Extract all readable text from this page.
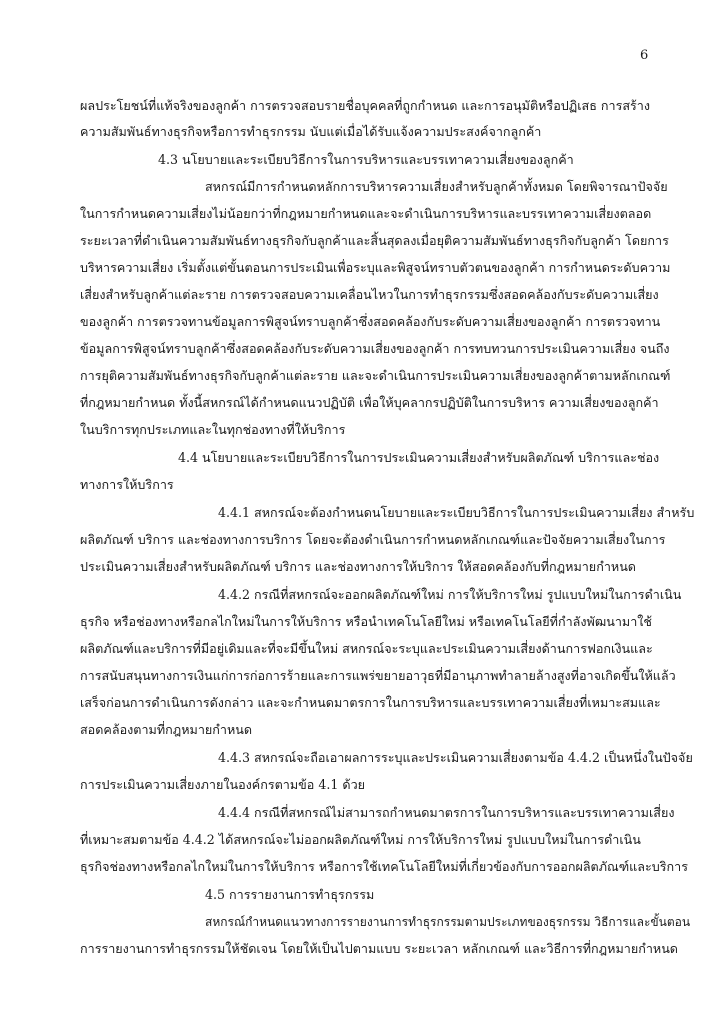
6
ผลประโยชน์ที่แท้จริงของลูกค้า การตรวจสอบรายชื่อบุคคลที่ถูกกำหนด และการอนุมัติหรือปฏิเสธ การสร้าง
ความสัมพันธ์ทางธุรกิจหรือการทำธุรกรรม นับแต่เมื่อได้รับแจ้งความประสงค์จากลูกค้า
4.3 นโยบายและระเบียบวิธีการในการบริหารและบรรเทาความเสี่ยงของลูกค้า
สหกรณ์มีการกำหนดหลักการบริหารความเสี่ยงสำหรับลูกค้าทั้งหมด โดยพิจารณาปัจจัย
ในการกำหนดความเสี่ยงไม่น้อยกว่าที่กฎหมายกำหนดและจะดำเนินการบริหารและบรรเทาความเสี่ยงตลอด
ระยะเวลาที่ดำเนินความสัมพันธ์ทางธุรกิจกับลูกค้าและสิ้นสุดลงเมื่อยุติความสัมพันธ์ทางธุรกิจกับลูกค้า โดยการ
บริหารความเสี่ยง เริ่มตั้งแต่ขั้นตอนการประเมินเพื่อระบุและพิสูจน์ทราบตัวตนของลูกค้า การกำหนดระดับความ
เสี่ยงสำหรับลูกค้าแต่ละราย การตรวจสอบความเคลื่อนไหวในการทำธุรกรรมซึ่งสอดคล้องกับระดับความเสี่ยง
ของลูกค้า การตรวจทานข้อมูลการพิสูจน์ทราบลูกค้าซึ่งสอดคล้องกับระดับความเสี่ยงของลูกค้า การตรวจทาน
ข้อมูลการพิสูจน์ทราบลูกค้าซึ่งสอดคล้องกับระดับความเสี่ยงของลูกค้า การทบทวนการประเมินความเสี่ยง จนถึง
การยุติความสัมพันธ์ทางธุรกิจกับลูกค้าแต่ละราย และจะดำเนินการประเมินความเสี่ยงของลูกค้าตามหลักเกณฑ์
ที่กฎหมายกำหนด ทั้งนี้สหกรณ์ได้กำหนดแนวปฏิบัติ เพื่อให้บุคลากรปฏิบัติในการบริหาร ความเสี่ยงของลูกค้า
ในบริการทุกประเภทและในทุกช่องทางที่ให้บริการ
4.4 นโยบายและระเบียบวิธีการในการประเมินความเสี่ยงสำหรับผลิตภัณฑ์ บริการและช่อง
ทางการให้บริการ
4.4.1 สหกรณ์จะต้องกำหนดนโยบายและระเบียบวิธีการในการประเมินความเสี่ยง สำหรับ
ผลิตภัณฑ์ บริการ และช่องทางการบริการ โดยจะต้องดำเนินการกำหนดหลักเกณฑ์และปัจจัยความเสี่ยงในการ
ประเมินความเสี่ยงสำหรับผลิตภัณฑ์ บริการ และช่องทางการให้บริการ ให้สอดคล้องกับที่กฎหมายกำหนด
4.4.2 กรณีที่สหกรณ์จะออกผลิตภัณฑ์ใหม่ การให้บริการใหม่ รูปแบบใหม่ในการดำเนิน
ธุรกิจ หรือช่องทางหรือกลไกใหม่ในการให้บริการ หรือนำเทคโนโลยีใหม่ หรือเทคโนโลยีที่กำลังพัฒนามาใช้
ผลิตภัณฑ์และบริการที่มีอยู่เดิมและที่จะมีขึ้นใหม่ สหกรณ์จะระบุและประเมินความเสี่ยงด้านการฟอกเงินและ
การสนับสนุนทางการเงินแก่การก่อการร้ายและการแพร่ขยายอาวุธที่มีอานุภาพทำลายล้างสูงที่อาจเกิดขึ้นให้แล้ว
เสร็จก่อนการดำเนินการดังกล่าว และจะกำหนดมาตรการในการบริหารและบรรเทาความเสี่ยงที่เหมาะสมและ
สอดคล้องตามที่กฎหมายกำหนด
4.4.3 สหกรณ์จะถือเอาผลการระบุและประเมินความเสี่ยงตามข้อ 4.4.2 เป็นหนึ่งในปัจจัย
การประเมินความเสี่ยงภายในองค์กรตามข้อ 4.1 ด้วย
4.4.4 กรณีที่สหกรณ์ไม่สามารถกำหนดมาตรการในการบริหารและบรรเทาความเสี่ยง
ที่เหมาะสมตามข้อ 4.4.2 ได้สหกรณ์จะไม่ออกผลิตภัณฑ์ใหม่ การให้บริการใหม่ รูปแบบใหม่ในการดำเนิน
ธุรกิจช่องทางหรือกลไกใหม่ในการให้บริการ หรือการใช้เทคโนโลยีใหม่ที่เกี่ยวข้องกับการออกผลิตภัณฑ์และบริการ
4.5 การรายงานการทำธุรกรรม
สหกรณ์กำหนดแนวทางการรายงานการทำธุรกรรมตามประเภทของธุรกรรม วิธีการและขั้นตอน
การรายงานการทำธุรกรรมให้ชัดเจน โดยให้เป็นไปตามแบบ ระยะเวลา หลักเกณฑ์ และวิธีการที่กฎหมายกำหนด
